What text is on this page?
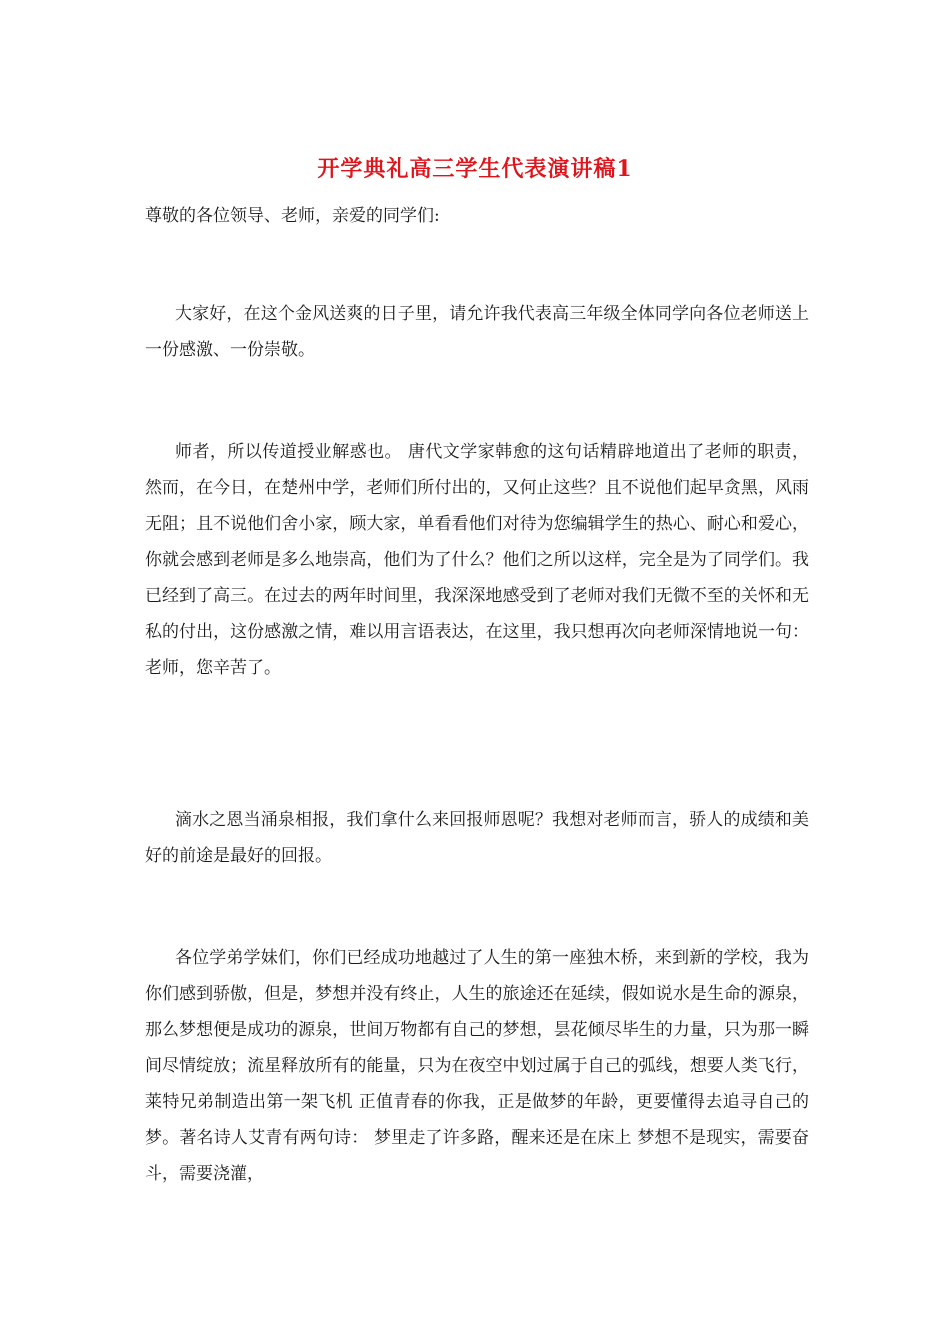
开学典礼高三学生代表演讲稿1

尊敬的各位领导、老师，亲爱的同学们:

大家好，在这个金风送爽的日子里，请允许我代表高三年级全体同学向各位老师送上一份感激、一份崇敬。

师者，所以传道授业解惑也。 唐代文学家韩愈的这句话精辟地道出了老师的职责，然而，在今日，在楚州中学，老师们所付出的，又何止这些？且不说他们起早贪黑，风雨无阻；且不说他们舍小家，顾大家，单看看他们对待为您编辑学生的热心、耐心和爱心，你就会感到老师是多么地崇高，他们为了什么？他们之所以这样，完全是为了同学们。我已经到了高三。在过去的两年时间里，我深深地感受到了老师对我们无微不至的关怀和无私的付出，这份感激之情，难以用言语表达，在这里，我只想再次向老师深情地说一句： 老师，您辛苦了。

滴水之恩当涌泉相报，我们拿什么来回报师恩呢？我想对老师而言，骄人的成绩和美好的前途是最好的回报。

各位学弟学妹们，你们已经成功地越过了人生的第一座独木桥，来到新的学校，我为你们感到骄傲，但是，梦想并没有终止，人生的旅途还在延续，假如说水是生命的源泉，那么梦想便是成功的源泉，世间万物都有自己的梦想，昙花倾尽毕生的力量，只为那一瞬间尽情绽放；流星释放所有的能量，只为在夜空中划过属于自己的弧线，想要人类飞行，莱特兄弟制造出第一架飞机 正值青春的你我，正是做梦的年龄，更要懂得去追寻自己的梦。著名诗人艾青有两句诗： 梦里走了许多路，醒来还是在床上 梦想不是现实，需要奋斗，需要浇灌，
